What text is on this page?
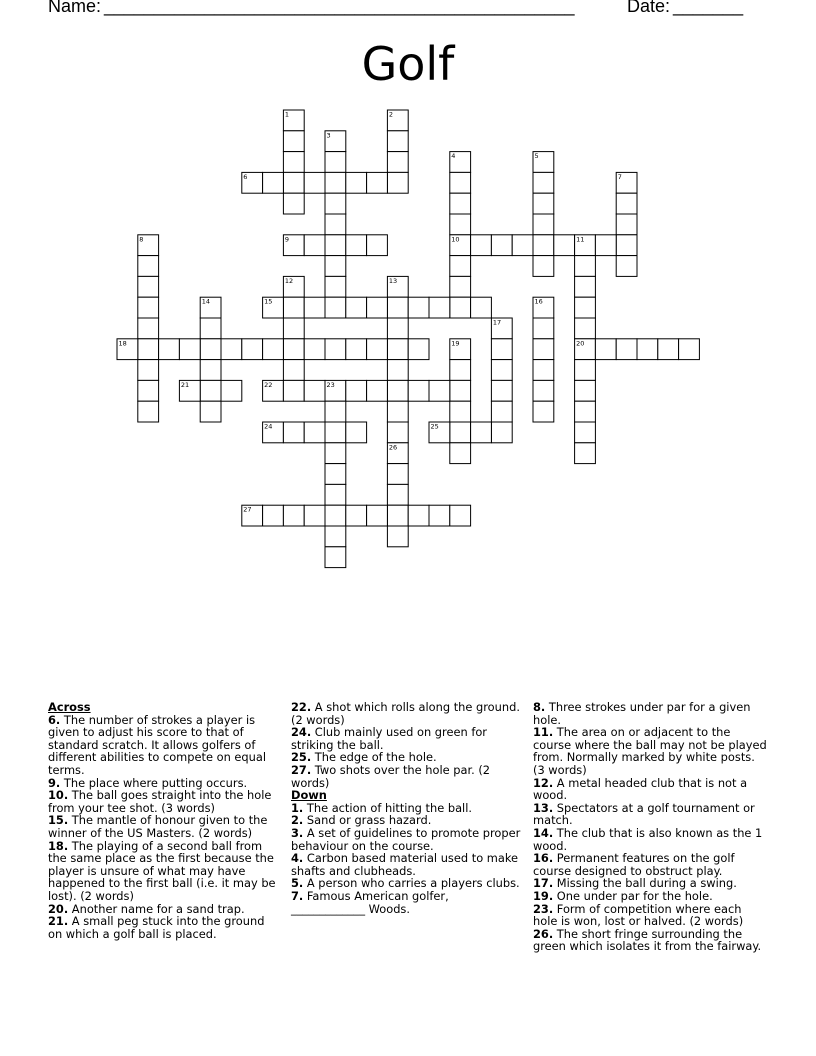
Name: _______________________________________________	Date: _______
Golf
1	2
3
4	5
6	7
8	9	10	11
12	13
14	15	16
17
18	19	20
21	22	23
24	25
26
27

Across

6. The number of strokes a player is given to adjust his score to that of standard scratch. It allows golfers of different abilities to compete on equal terms.

9. The place where putting occurs.

10. The ball goes straight into the hole from your tee shot. (3 words)

15. The mantle of honour given to the winner of the US Masters. (2 words)

18. The playing of a second ball from the same place as the first because the player is unsure of what may have happened to the first ball (i.e. it may be lost). (2 words)

20. Another name for a sand trap.

21. A small peg stuck into the ground on which a golf ball is placed.

22. A shot which rolls along the ground. (2 words)

24. Club mainly used on green for striking the ball.

25. The edge of the hole.

27. Two shots over the hole par. (2 words)

Down

1. The action of hitting the ball.

2. Sand or grass hazard.

3. A set of guidelines to promote proper behaviour on the course.

4. Carbon based material used to make shafts and clubheads.

5. A person who carries a players clubs.

7. Famous American golfer, _____________ Woods.

8. Three strokes under par for a given hole.

11. The area on or adjacent to the course where the ball may not be played from. Normally marked by white posts. (3 words)

12. A metal headed club that is not a wood.

13. Spectators at a golf tournament or match.

14. The club that is also known as the 1 wood.

16. Permanent features on the golf course designed to obstruct play.

17. Missing the ball during a swing.

19. One under par for the hole.

23. Form of competition where each hole is won, lost or halved. (2 words)

26. The short fringe surrounding the green which isolates it from the fairway.
